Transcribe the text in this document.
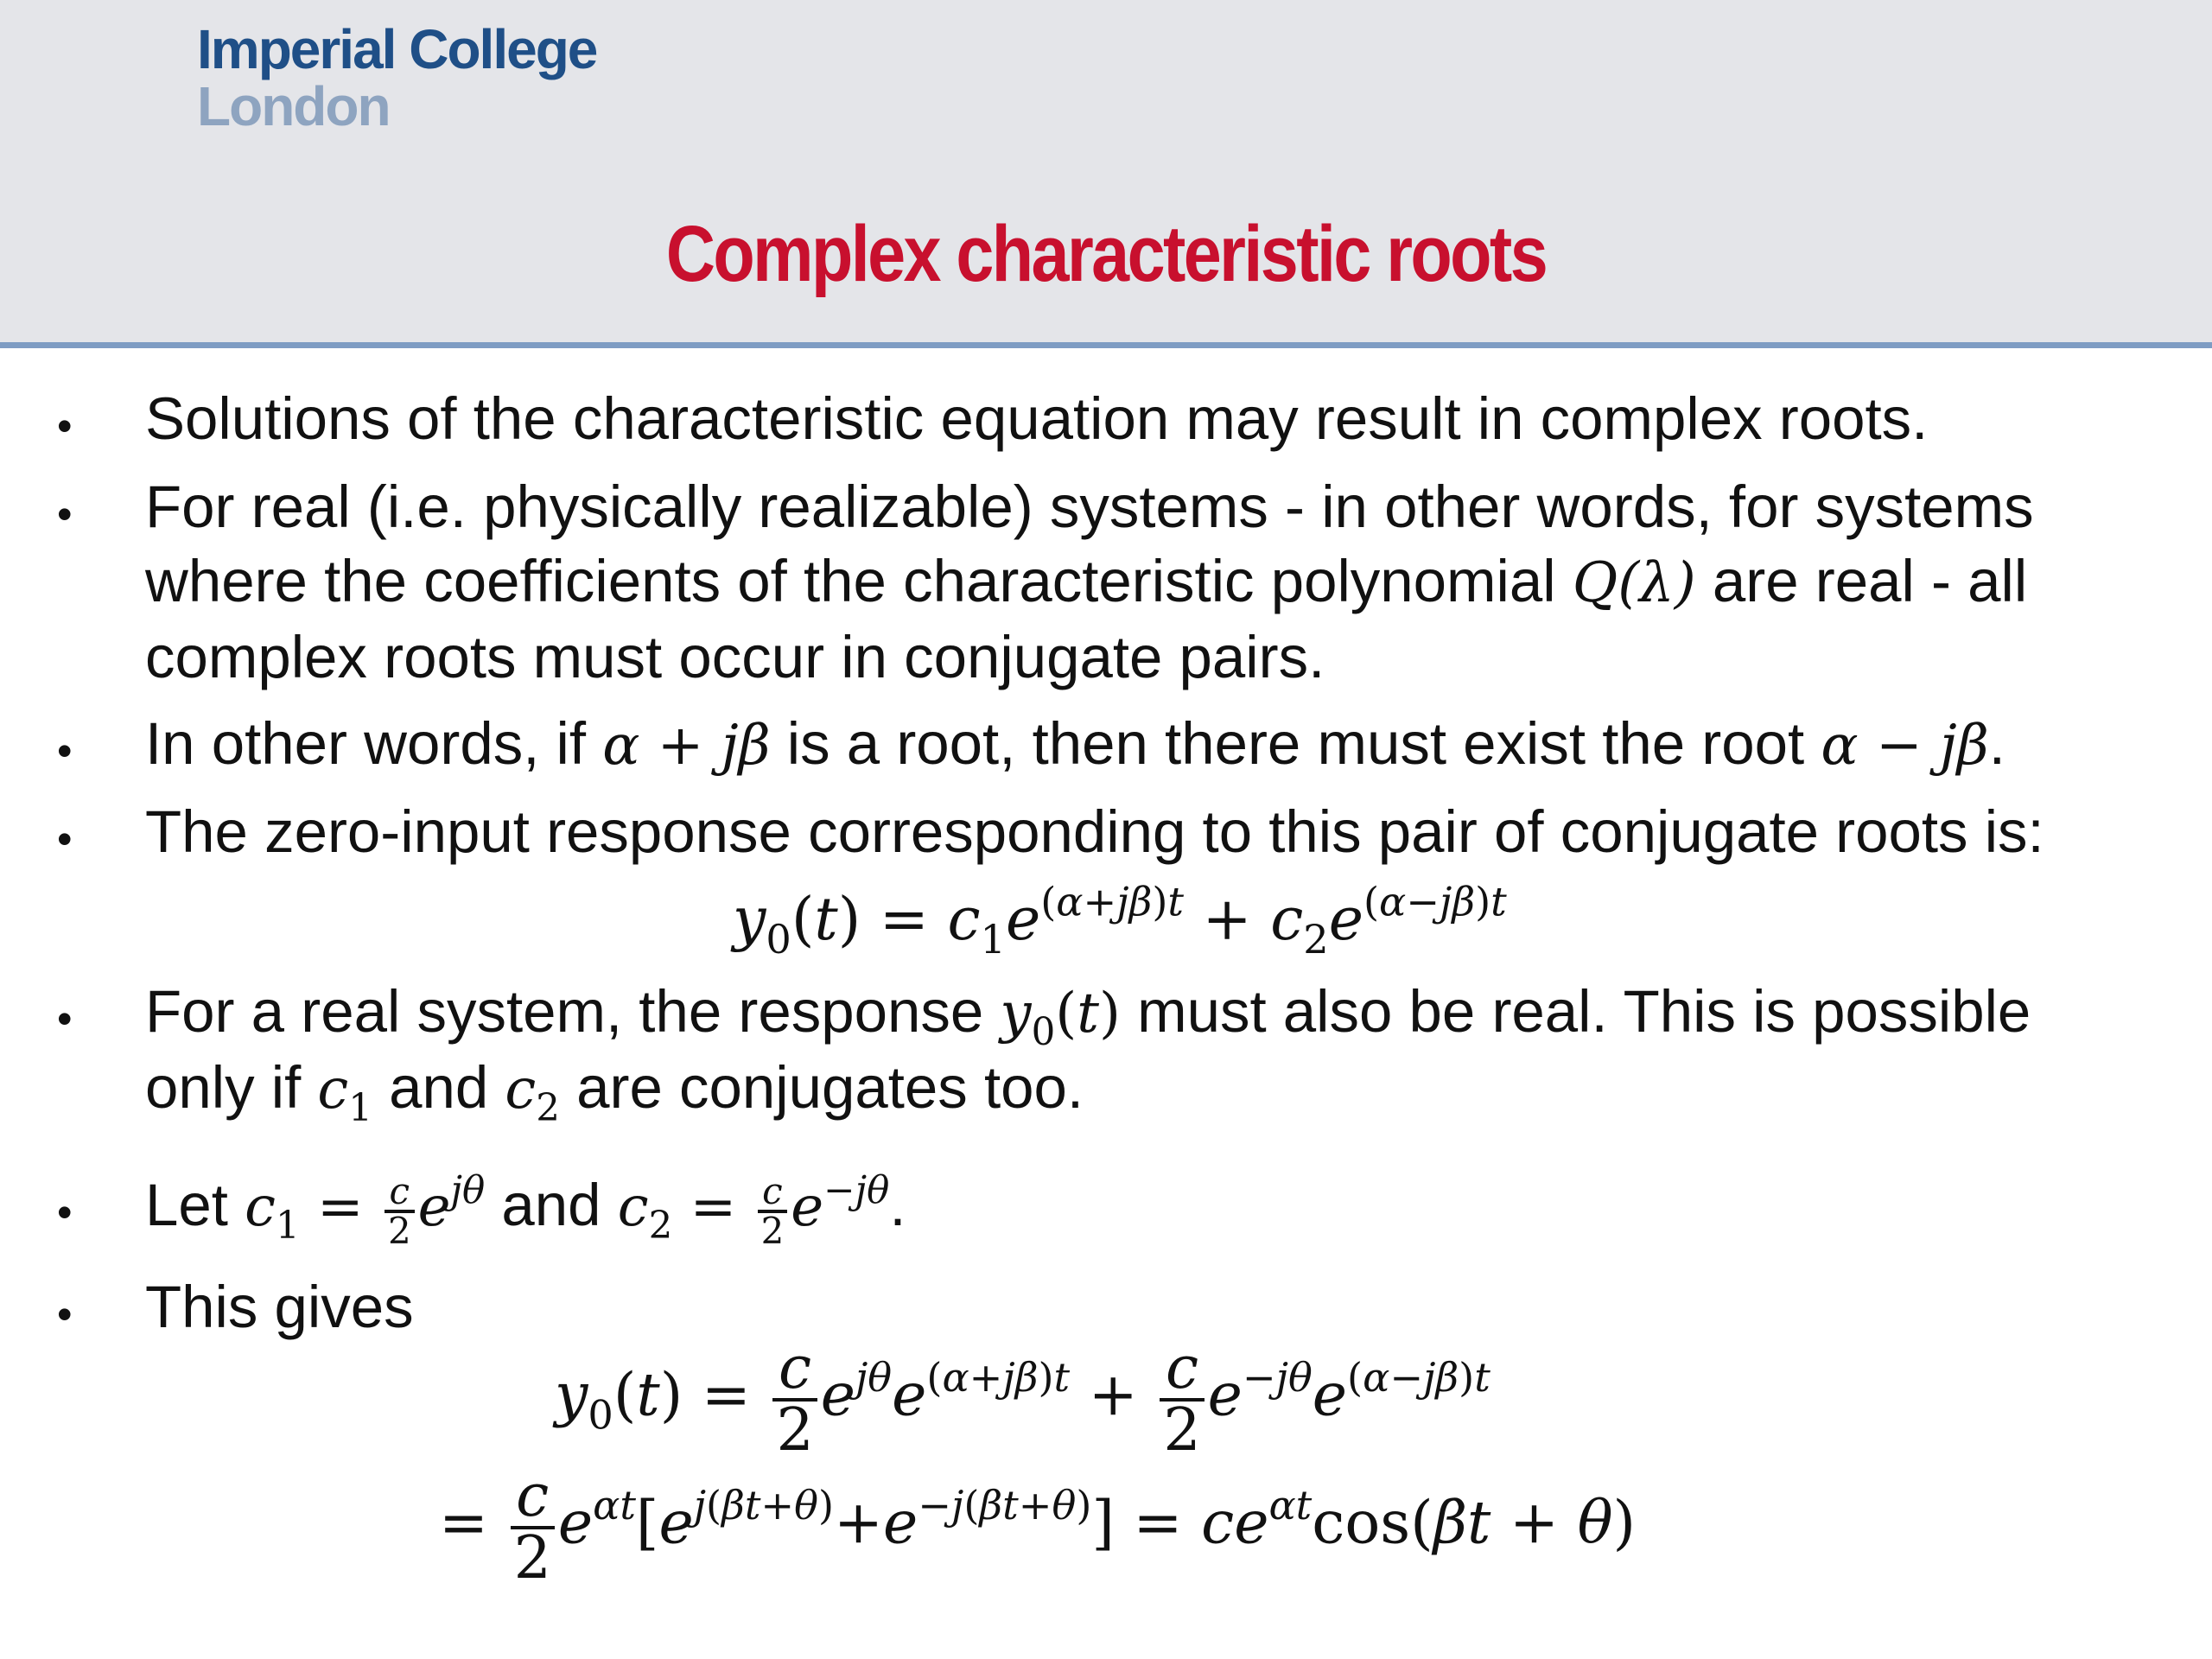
Imperial College
London
Complex characteristic roots
• Solutions of the characteristic equation may result in complex roots.
• For real (i.e. physically realizable) systems - in other words, for systems
where the coefficients of the characteristic polynomial Q(λ) are real - all
complex roots must occur in conjugate pairs.
• In other words, if α + jβ is a root, then there must exist the root α − jβ.
• The zero-input response corresponding to this pair of conjugate roots is:
$y_0(t) = c_1e^{(\alpha+j\beta)t} + c_2e^{(\alpha-j\beta)t}$
• For a real system, the response $y_0(t)$ must also be real. This is possible
only if $c_1$ and $c_2$ are conjugates too.
• Let $c_1 = \frac{c}{2} e^{j\theta}$ and $c_2 = \frac{c}{2} e^{-j\theta}$.
• This gives
$y_0(t) = \frac{c}{2} e^{j\theta}e^{(\alpha+j\beta)t} + \frac{c}{2} e^{-j\theta}e^{(\alpha-j\beta)t}$
= $\frac{c}{2} e^{\alpha t}[e^{j(\beta t+\theta)}+e^{-j(\beta t+\theta)}] = ce^{\alpha t}\cos(\beta t + \theta)$
